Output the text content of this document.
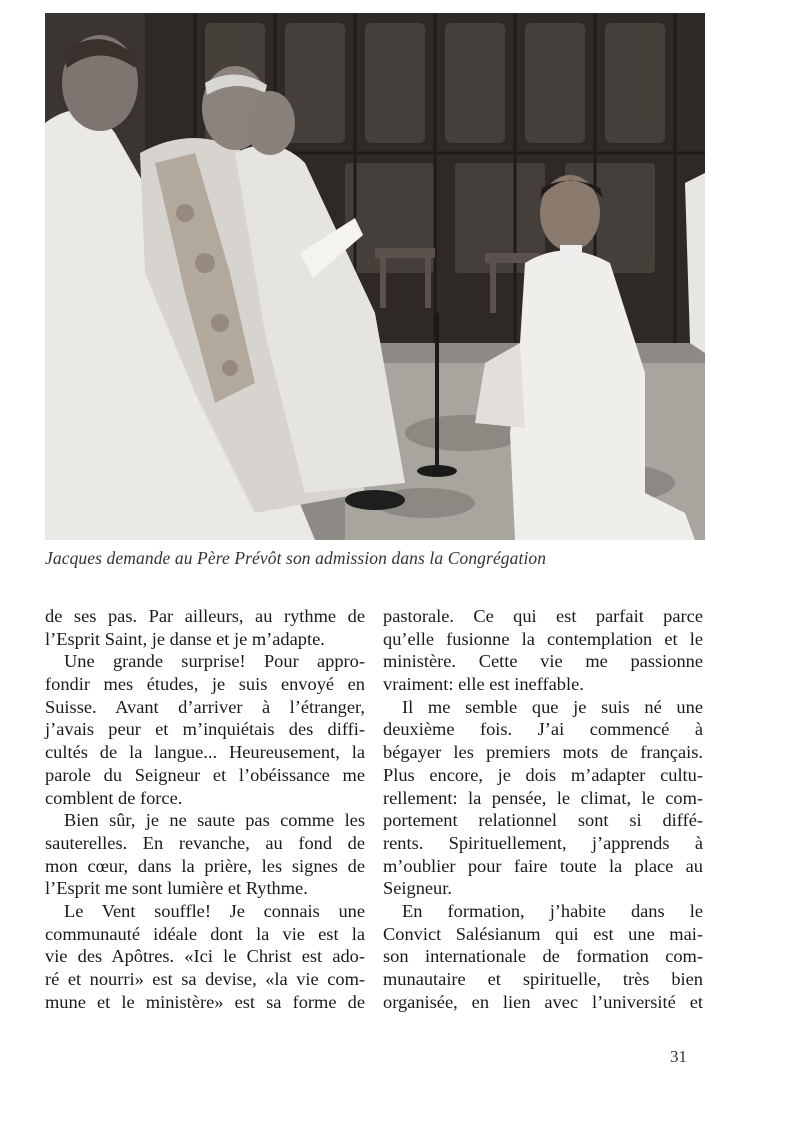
Jacques demande au Père Prévôt son admission dans la Congrégation
de ses pas. Par ailleurs, au rythme de
l’Esprit Saint, je danse et je m’adapte.
Une grande surprise! Pour appro-
fondir mes études, je suis envoyé en
Suisse. Avant d’arriver à l’étranger,
j’avais peur et m’inquiétais des diffi-
cultés de la langue... Heureusement, la
parole du Seigneur et l’obéissance me
comblent de force.
Bien sûr, je ne saute pas comme les
sauterelles. En revanche, au fond de
mon cœur, dans la prière, les signes de
l’Esprit me sont lumière et Rythme.
Le Vent souffle! Je connais une
communauté idéale dont la vie est la
vie des Apôtres. «Ici le Christ est ado-
ré et nourri» est sa devise, «la vie com-
mune et le ministère» est sa forme de
pastorale. Ce qui est parfait parce
qu’elle fusionne la contemplation et le
ministère. Cette vie me passionne
vraiment: elle est ineffable.
Il me semble que je suis né une
deuxième fois. J’ai commencé à
bégayer les premiers mots de français.
Plus encore, je dois m’adapter cultu-
rellement: la pensée, le climat, le com-
portement relationnel sont si diffé-
rents. Spirituellement, j’apprends à
m’oublier pour faire toute la place au
Seigneur.
En formation, j’habite dans le
Convict Salésianum qui est une mai-
son internationale de formation com-
munautaire et spirituelle, très bien
organisée, en lien avec l’université et
31
